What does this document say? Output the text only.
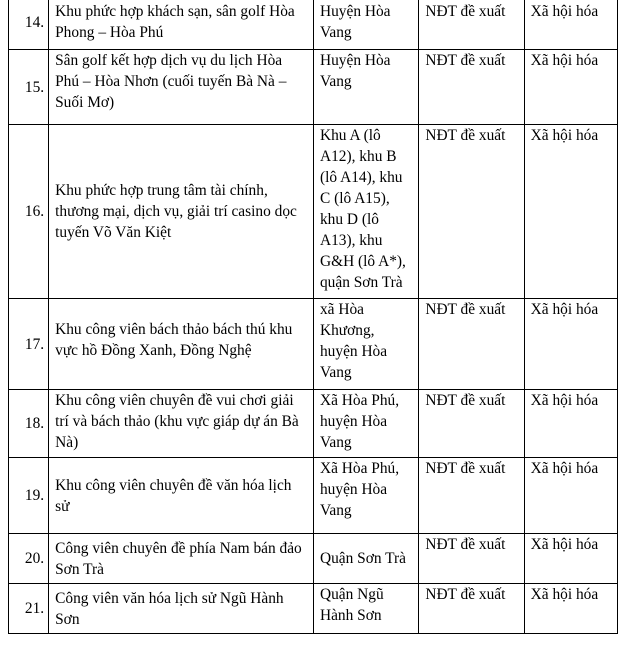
14.	Khu phức hợp khách sạn, sân golf Hòa Phong – Hòa Phú	Huyện Hòa Vang	NĐT đề xuất	Xã hội hóa

15.	Sân golf kết hợp dịch vụ du lịch Hòa Phú – Hòa Nhơn (cuối tuyến Bà Nà – Suối Mơ)	Huyện Hòa Vang	NĐT đề xuất	Xã hội hóa

16.	Khu phức hợp trung tâm tài chính, thương mại, dịch vụ, giải trí casino dọc tuyến Võ Văn Kiệt	Khu A (lô A12), khu B (lô A14), khu C (lô A15), khu D (lô A13), khu G&H (lô A*), quận Sơn Trà	NĐT đề xuất	Xã hội hóa

17.	Khu công viên bách thảo bách thú khu vực hồ Đồng Xanh, Đồng Nghệ	xã Hòa Khương, huyện Hòa Vang	NĐT đề xuất	Xã hội hóa

18.	Khu công viên chuyên đề vui chơi giải trí và bách thảo (khu vực giáp dự án Bà Nà)	Xã Hòa Phú, huyện Hòa Vang	NĐT đề xuất	Xã hội hóa

19.	Khu công viên chuyên đề văn hóa lịch sử	Xã Hòa Phú, huyện Hòa Vang	NĐT đề xuất	Xã hội hóa

20.	Công viên chuyên đề phía Nam bán đảo Sơn Trà	Quận Sơn Trà	NĐT đề xuất	Xã hội hóa

21.	Công viên văn hóa lịch sử Ngũ Hành Sơn	Quận Ngũ Hành Sơn	NĐT đề xuất	Xã hội hóa
